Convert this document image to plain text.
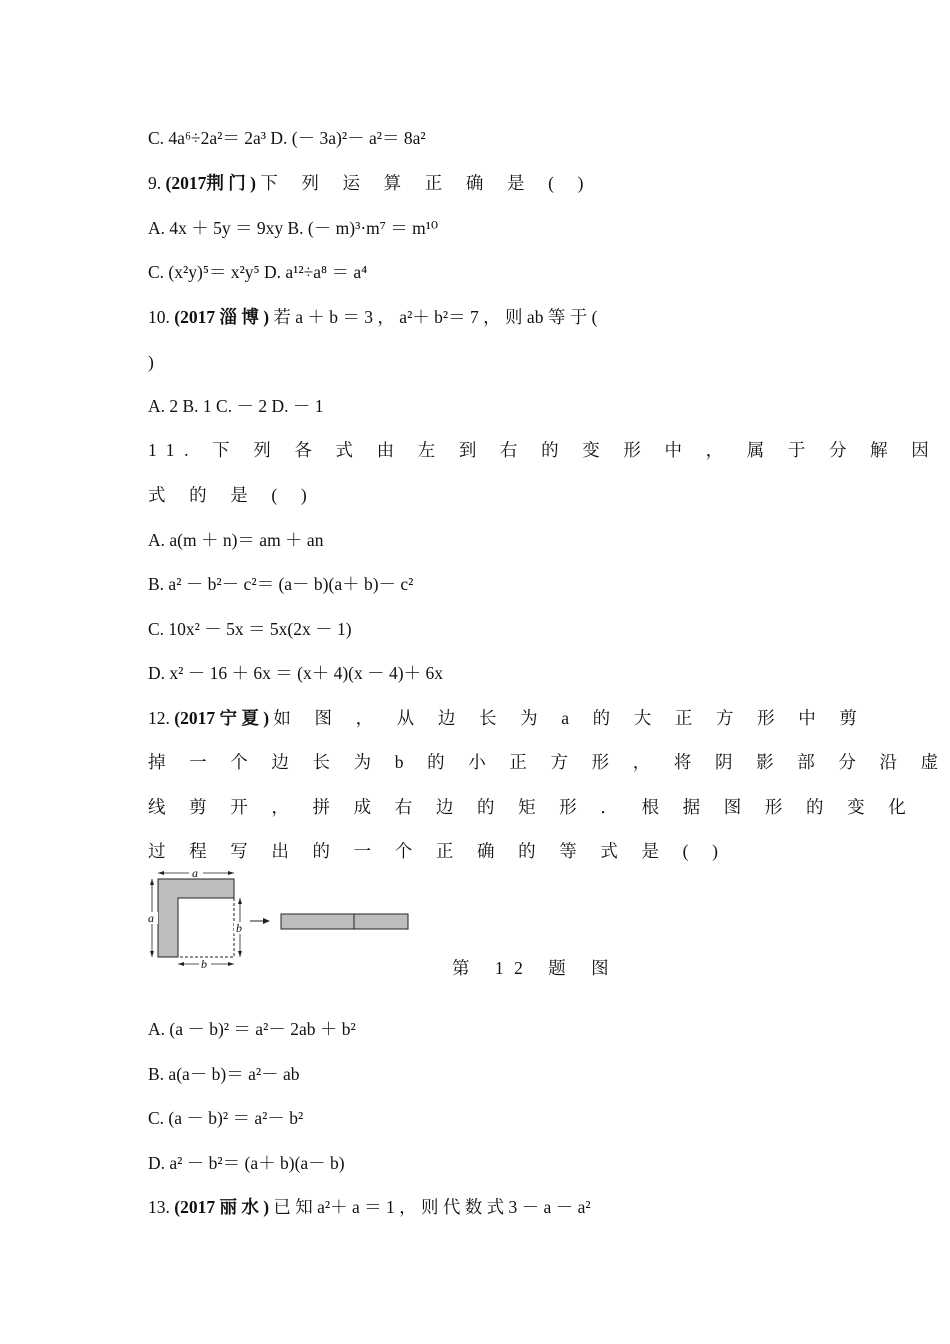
C. 4a⁶÷2a²＝ 2a³ D. (－ 3a)²－ a²＝ 8a²
9. (2017荆 门 ) 下 列 运 算 正 确 是 ( )
A. 4x ＋ 5y ＝ 9xy B. (－ m)³·m⁷ ＝ m¹⁰
C. (x²y)⁵＝ x²y⁵ D. a¹²÷a⁸ ＝ a⁴
10. (2017 淄 博 ) 若 a ＋ b ＝ 3 ， a²＋ b²＝ 7 ， 则 ab 等 于 (
)
A. 2 B. 1 C. － 2 D. － 1
11. 下 列 各 式 由 左 到 右 的 变 形 中 ， 属 于 分 解 因
式 的 是 ( )
A. a(m ＋ n)＝ am ＋ an
B. a² － b²－ c²＝ (a－ b)(a＋ b)－ c²
C. 10x² － 5x ＝ 5x(2x － 1)
D. x² － 16 ＋ 6x ＝ (x＋ 4)(x － 4)＋ 6x
12. (2017 宁 夏 ) 如 图 ， 从 边 长 为 a 的 大 正 方 形 中 剪
掉 一 个 边 长 为 b 的 小 正 方 形 ， 将 阴 影 部 分 沿 虚
线 剪 开 ， 拼 成 右 边 的 矩 形 ． 根 据 图 形 的 变 化
过 程 写 出 的 一 个 正 确 的 等 式 是 ( )
a
a
b
b	第 12 题 图
A. (a － b)² ＝ a²－ 2ab ＋ b²
B. a(a－ b)＝ a²－ ab
C. (a － b)² ＝ a²－ b²
D. a² － b²＝ (a＋ b)(a－ b)
13. (2017 丽 水 ) 已 知 a²＋ a ＝ 1 ， 则 代 数 式 3 － a － a²
